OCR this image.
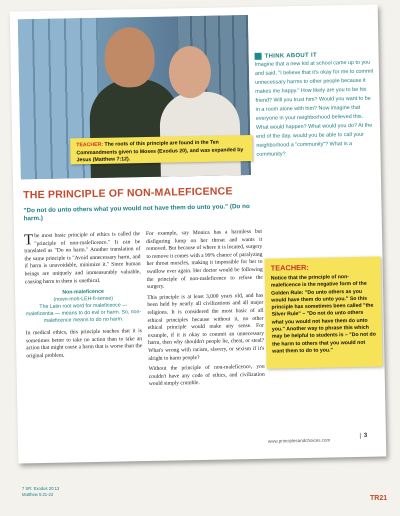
TEACHER: The roots of this principle are found in the Ten Commandments given to Moses (Exodus 20), and was expanded by Jesus (Matthew 7:12).
THINK ABOUT IT

Imagine that a new kid at school came up to you and said, "I believe that it's okay for me to commit unnecessary harms to other people because it makes me happy." How likely are you to be his friend? Will you trust him? Would you want to be in a room alone with him? Now imagine that everyone in your neighborhood believed this. What would happen? What would you do? At the end of the day, would you be able to call your neighborhood a "community"? What is a community?

THE PRINCIPLE OF NON-MALEFICENCE
"Do not do unto others what you would not have them do unto you." (Do no harm.)

The most basic principle of ethics is called the "principle of non-maleficence." It can be translated as "Do no harm." Another translation of the same principle is "Avoid unnecessary harm, and if harm is unavoidable, minimize it." Since human beings are uniquely and immeasurably valuable, causing harm to them is unethical.

Non-maleficence
(nown-moh-LEH-fi-sense)
The Latin root word for maleficence — maleficentia — means to do evil or harm. So, non-maleficence means to do no harm.

In medical ethics, this principle teaches that it is sometimes better to take no action than to take an action that might cause a harm that is worse than the original problem.

For example, say Monica has a harmless but disfiguring lump on her throat and wants it removed. But because of where it is located, surgery to remove it comes with a 99% chance of paralyzing her throat muscles, making it impossible for her to swallow ever again. Her doctor would be following the principle of non-maleficence to refuse the surgery.

This principle is at least 3,000 years old, and has been held by nearly all civilizations and all major religions. It is considered the most basic of all ethical principles because without it, no other ethical principle would make any sense. For example, if it is okay to commit an unnecessary harm, then why shouldn't people lie, cheat, or steal? What's wrong with racism, slavery, or sexism if it's alright to harm people?

Without the principle of non-maleficence, you couldn't have any code of ethics, and civilization would simply crumble.

TEACHER:

Notice that the principle of non-maleficence is the negative form of the Golden Rule: "Do unto others as you would have them do unto you." So this principle has sometimes been called "the Silver Rule" – "Do not do unto others what you would not have them do unto you." Another way to phrase this which may be helpful to students is – "Do not do the harm to others that you would not want them to do to you."

www.principlesandchoices.com
3
7 SR: Exodus 20:13
Matthew 5:21-22
TR21
